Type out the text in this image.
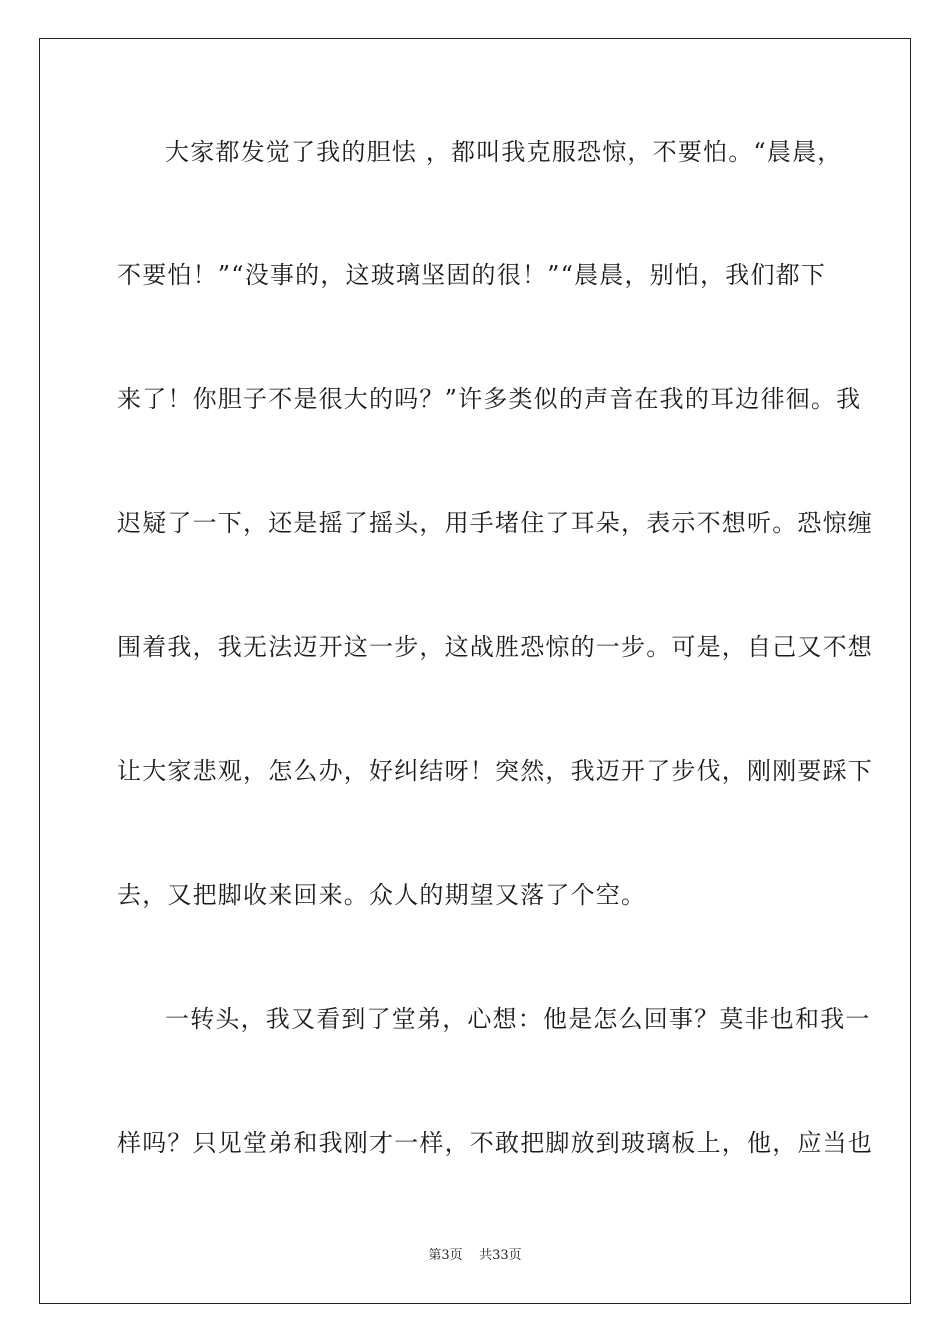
大家都发觉了我的胆怯 ，都叫我克服恐惊，不要怕。“晨晨，
不要怕！”“没事的，这玻璃坚固的很！”“晨晨，别怕，我们都下
来了！你胆子不是很大的吗？”许多类似的声音在我的耳边徘徊。我
迟疑了一下，还是摇了摇头，用手堵住了耳朵，表示不想听。恐惊缠
围着我，我无法迈开这一步，这战胜恐惊的一步。可是，自己又不想
让大家悲观，怎么办，好纠结呀！突然，我迈开了步伐，刚刚要踩下
去，又把脚收来回来。众人的期望又落了个空。
一转头，我又看到了堂弟，心想：他是怎么回事？莫非也和我一
样吗？只见堂弟和我刚才一样，不敢把脚放到玻璃板上，他，应当也
第3页 共33页
